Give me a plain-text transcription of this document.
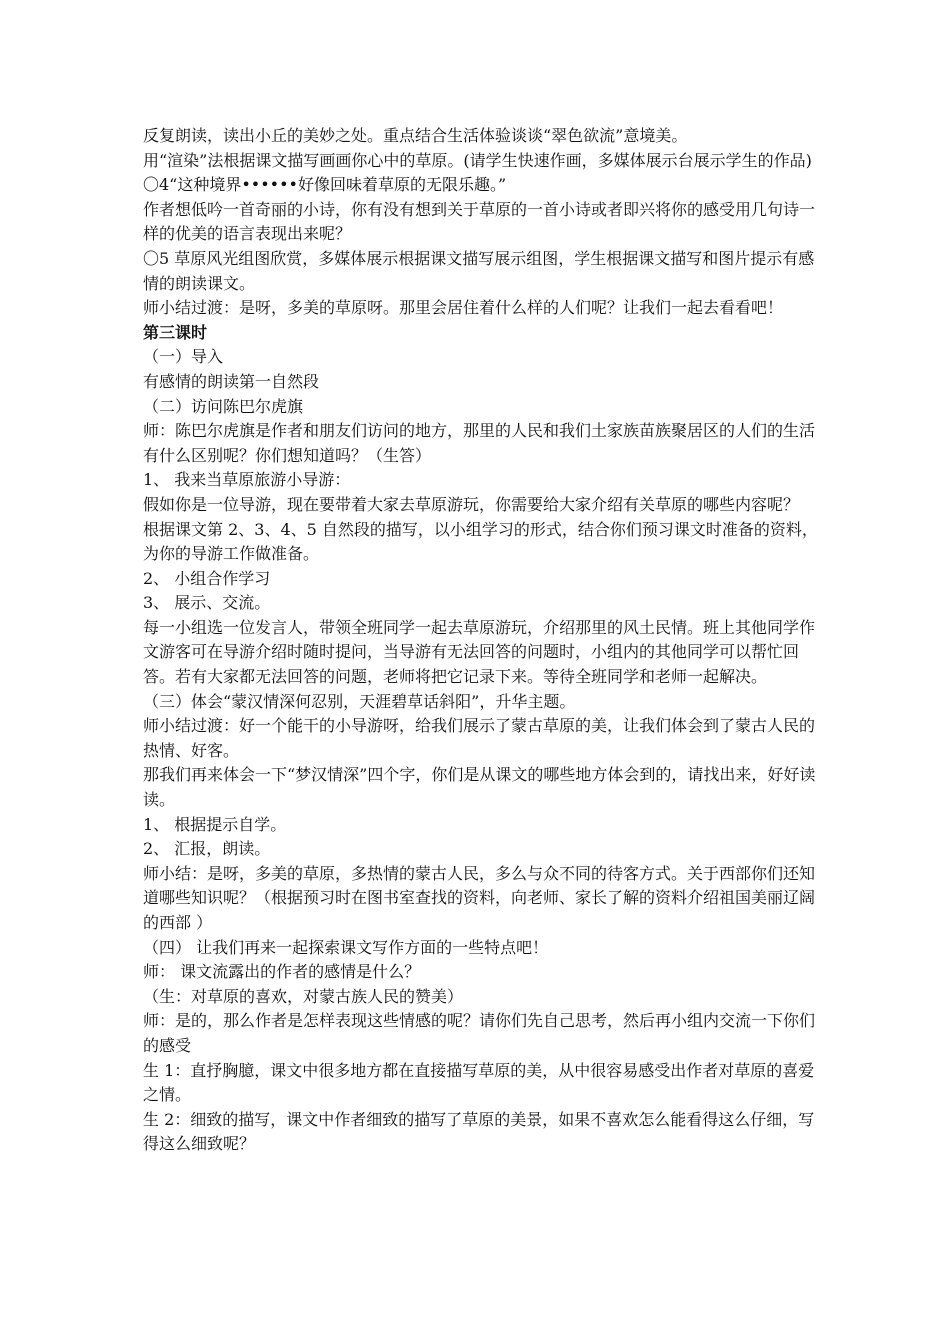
反复朗读，读出小丘的美妙之处。重点结合生活体验谈谈“翠色欲流”意境美。

用“渲染”法根据课文描写画画你心中的草原。(请学生快速作画，多媒体展示台展示学生的作品)

〇4“这种境界••••••好像回味着草原的无限乐趣。”

作者想低吟一首奇丽的小诗，你有没有想到关于草原的一首小诗或者即兴将你的感受用几句诗一样的优美的语言表现出来呢？

〇5 草原风光组图欣赏，多媒体展示根据课文描写展示组图，学生根据课文描写和图片提示有感情的朗读课文。

师小结过渡：是呀，多美的草原呀。那里会居住着什么样的人们呢？让我们一起去看看吧！

第三课时

（一）导入

有感情的朗读第一自然段

（二）访问陈巴尔虎旗

师：陈巴尔虎旗是作者和朋友们访问的地方，那里的人民和我们土家族苗族聚居区的人们的生活有什么区别呢？你们想知道吗？（生答）

1、 我来当草原旅游小导游：

假如你是一位导游，现在要带着大家去草原游玩，你需要给大家介绍有关草原的哪些内容呢？

根据课文第 2、3、4、5 自然段的描写，以小组学习的形式，结合你们预习课文时准备的资料，为你的导游工作做准备。

2、 小组合作学习

3、 展示、交流。

每一小组选一位发言人，带领全班同学一起去草原游玩，介绍那里的风土民情。班上其他同学作文游客可在导游介绍时随时提问，当导游有无法回答的问题时，小组内的其他同学可以帮忙回答。若有大家都无法回答的问题，老师将把它记录下来。等待全班同学和老师一起解决。

（三）体会“蒙汉情深何忍别，天涯碧草话斜阳”，升华主题。

师小结过渡：好一个能干的小导游呀，给我们展示了蒙古草原的美，让我们体会到了蒙古人民的热情、好客。

那我们再来体会一下“梦汉情深”四个字，你们是从课文的哪些地方体会到的，请找出来，好好读读。

1、 根据提示自学。

2、 汇报，朗读。

师小结：是呀，多美的草原，多热情的蒙古人民，多么与众不同的待客方式。关于西部你们还知道哪些知识呢？（根据预习时在图书室查找的资料，向老师、家长了解的资料介绍祖国美丽辽阔的西部 ）

（四） 让我们再来一起探索课文写作方面的一些特点吧！

师： 课文流露出的作者的感情是什么？

（生：对草原的喜欢，对蒙古族人民的赞美）

师：是的，那么作者是怎样表现这些情感的呢？请你们先自己思考，然后再小组内交流一下你们的感受

生 1：直抒胸臆，课文中很多地方都在直接描写草原的美，从中很容易感受出作者对草原的喜爱之情。

生 2：细致的描写，课文中作者细致的描写了草原的美景，如果不喜欢怎么能看得这么仔细，写得这么细致呢？
